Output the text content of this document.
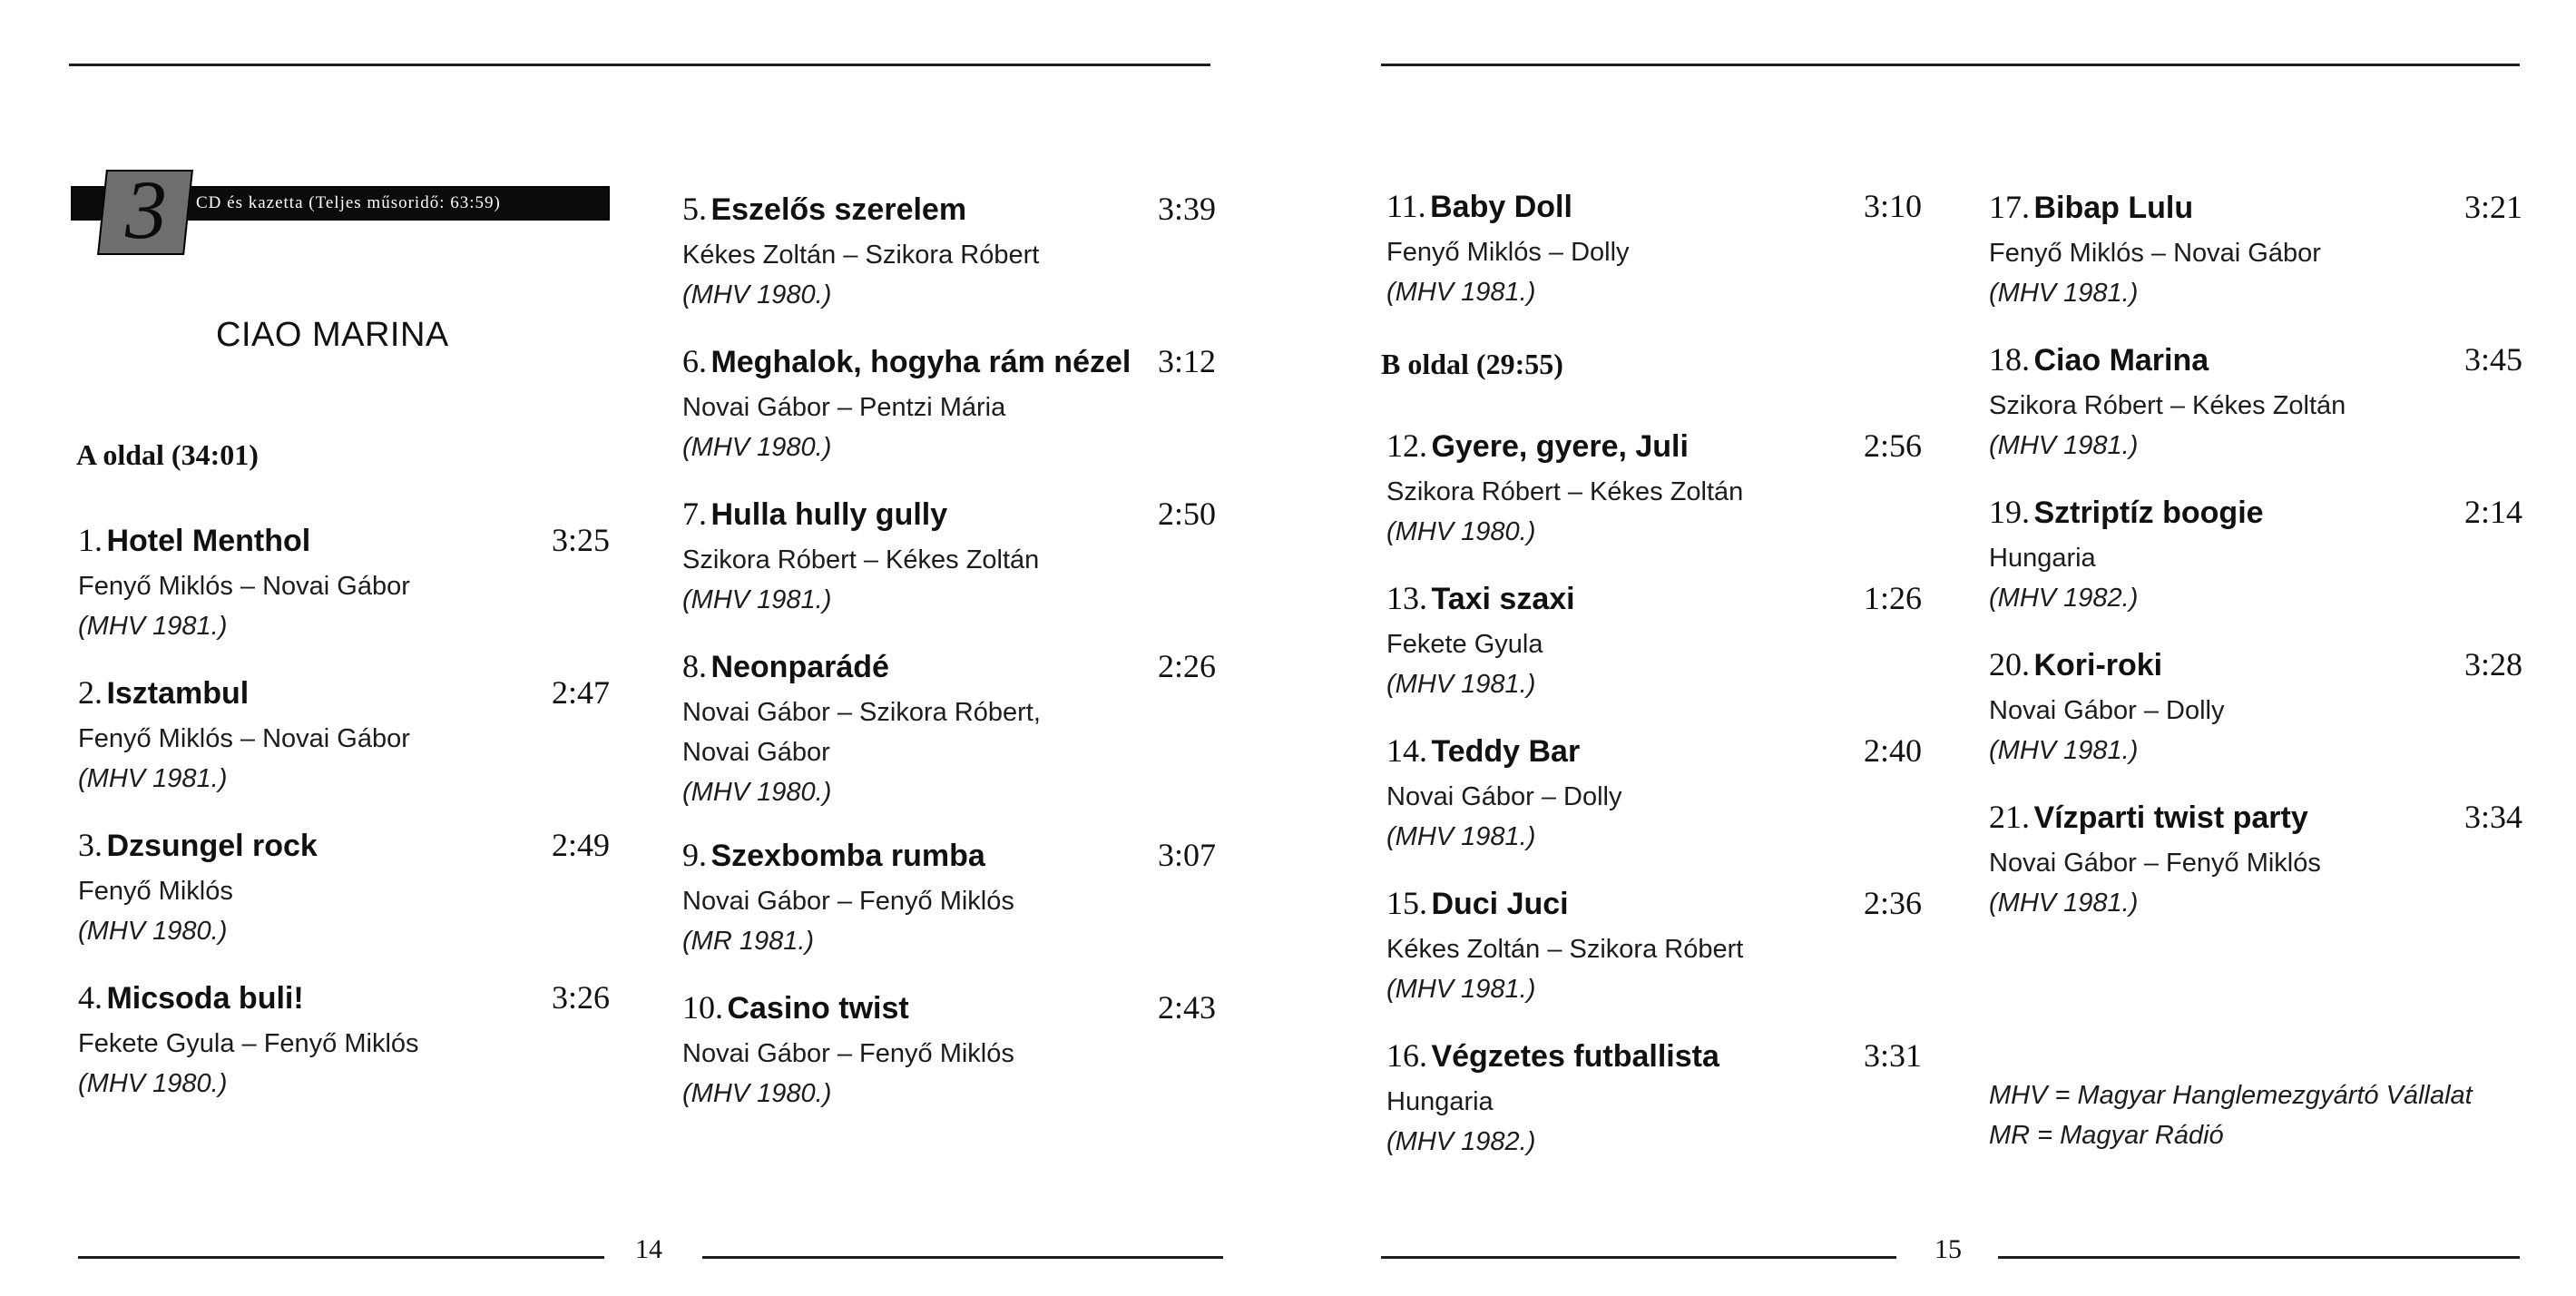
CD és kazetta (Teljes műsoridő: 63:59)
3
CIAO MARINA
A oldal (34:01)
1. Hotel Menthol	3:25
Fenyő Miklós – Novai Gábor
(MHV 1981.)
2. Isztambul	2:47
Fenyő Miklós – Novai Gábor
(MHV 1981.)
3. Dzsungel rock	2:49
Fenyő Miklós
(MHV 1980.)
4. Micsoda buli!	3:26
Fekete Gyula – Fenyő Miklós
(MHV 1980.)
5. Eszelős szerelem	3:39
Kékes Zoltán – Szikora Róbert
(MHV 1980.)
6. Meghalok, hogyha rám nézel 3:12
Novai Gábor – Pentzi Mária
(MHV 1980.)
7. Hulla hully gully	2:50
Szikora Róbert – Kékes Zoltán
(MHV 1981.)
8. Neonparádé	2:26
Novai Gábor – Szikora Róbert,
Novai Gábor
(MHV 1980.)
9. Szexbomba rumba	3:07
Novai Gábor – Fenyő Miklós
(MR 1981.)
10. Casino twist	2:43
Novai Gábor – Fenyő Miklós
(MHV 1980.)
14
11. Baby Doll	3:10
Fenyő Miklós – Dolly
(MHV 1981.)
B oldal (29:55)
12. Gyere, gyere, Juli	2:56
Szikora Róbert – Kékes Zoltán
(MHV 1980.)
13. Taxi szaxi	1:26
Fekete Gyula
(MHV 1981.)
14. Teddy Bar	2:40
Novai Gábor – Dolly
(MHV 1981.)
15. Duci Juci	2:36
Kékes Zoltán – Szikora Róbert
(MHV 1981.)
16. Végzetes futballista	3:31
Hungaria
(MHV 1982.)
17. Bibap Lulu	3:21
Fenyő Miklós – Novai Gábor
(MHV 1981.)
18. Ciao Marina	3:45
Szikora Róbert – Kékes Zoltán
(MHV 1981.)
19. Sztriptíz boogie	2:14
Hungaria
(MHV 1982.)
20. Kori-roki	3:28
Novai Gábor – Dolly
(MHV 1981.)
21. Vízparti twist party	3:34
Novai Gábor – Fenyő Miklós
(MHV 1981.)
MHV = Magyar Hanglemezgyártó Vállalat
MR = Magyar Rádió
15
